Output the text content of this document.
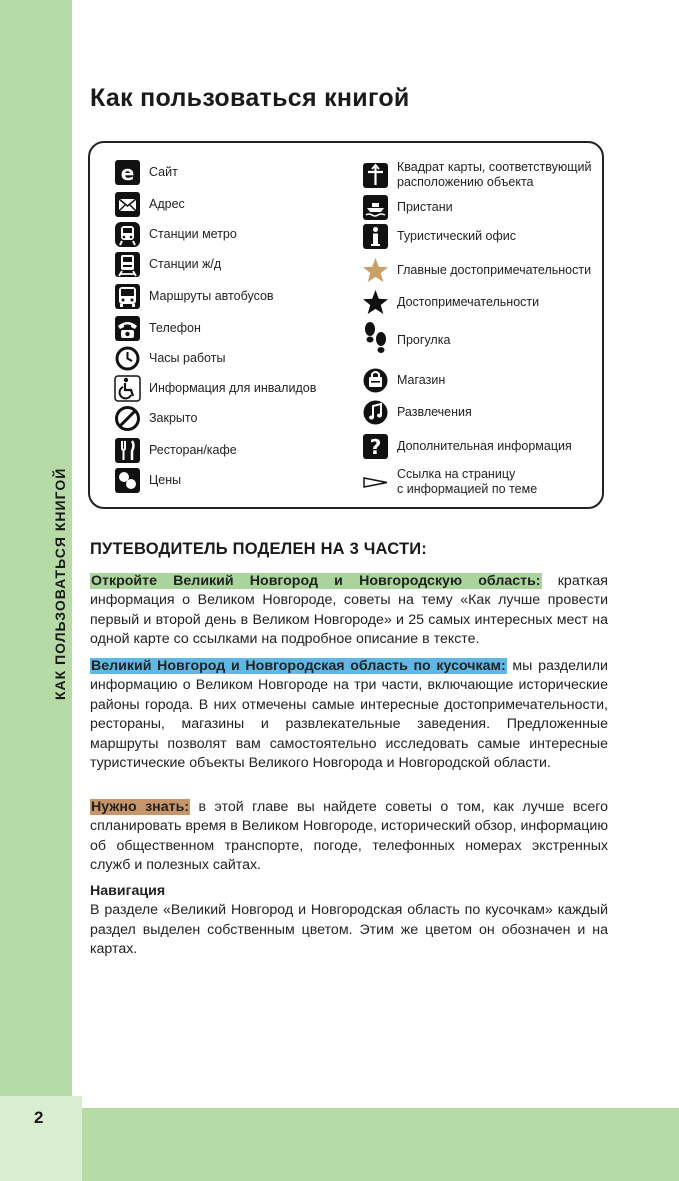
КАК ПОЛЬЗОВАТЬСЯ КНИГОЙ
2
Как пользоваться книгой
e Сайт
Адрес
Станции метро
Станции ж/д
Маршруты автобусов
Телефон
Часы работы
Информация для инвалидов
Закрыто
Ресторан/кафе
Цены
Квадрат карты, соответствующий
расположению объекта
Пристани
Туристический офис
Главные достопримечательности
Достопримечательности
Прогулка
Магазин
Развлечения
? Дополнительная информация
Ссылка на страницу
с информацией по теме
ПУТЕВОДИТЕЛЬ ПОДЕЛЕН НА 3 ЧАСТИ:
Откройте Великий Новгород и Новгородскую область: краткая информация о Великом Новгороде, советы на тему «Как лучше провести первый и второй день в Великом Новгороде» и 25 самых интересных мест на одной карте со ссылками на подробное описание в тексте.
Великий Новгород и Новгородская область по кусочкам: мы разделили информацию о Великом Новгороде на три части, включающие исторические районы города. В них отмечены самые интересные достопримечательности, рестораны, магазины и развлекательные заведения. Предложенные маршруты позволят вам самостоятельно исследовать самые интересные туристические объекты Великого Новгорода и Новгородской области.
Нужно знать: в этой главе вы найдете советы о том, как лучше всего спланировать время в Великом Новгороде, исторический обзор, информацию об общественном транспорте, погоде, телефонных номерах экстренных служб и полезных сайтах.
Навигация
В разделе «Великий Новгород и Новгородская область по кусочкам» каждый раздел выделен собственным цветом. Этим же цветом он обозначен и на картах.
